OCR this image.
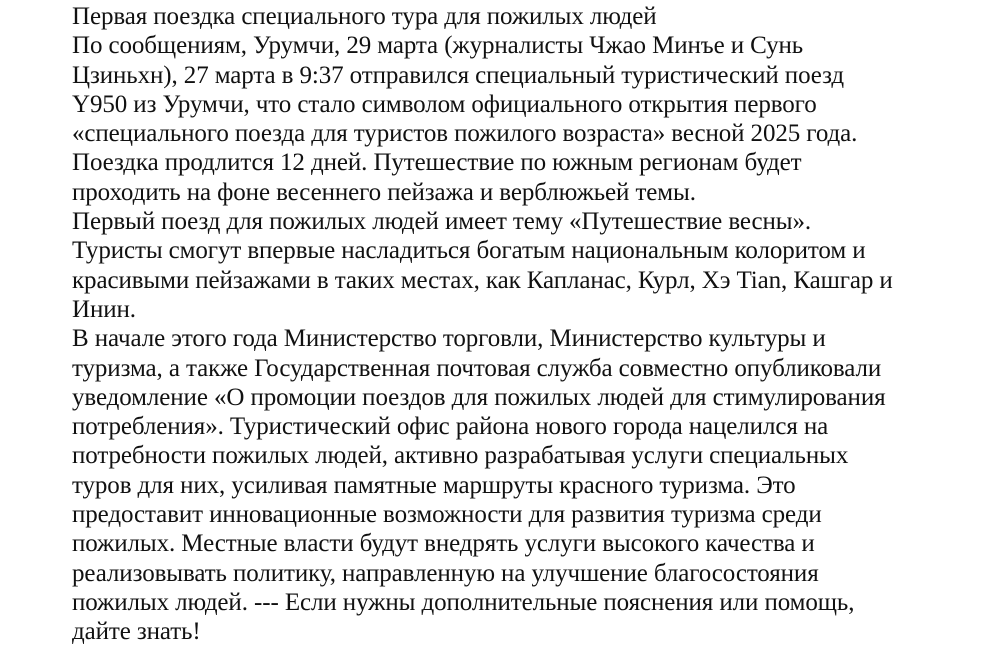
Первая поездка специального тура для пожилых людей
По сообщениям, Урумчи, 29 марта (журналисты Чжао Минъе и Сунь
Цзиньхн), 27 марта в 9:37 отправился специальный туристический поезд
Y950 из Урумчи, что стало символом официального открытия первого
«специального поезда для туристов пожилого возраста» весной 2025 года.
Поездка продлится 12 дней. Путешествие по южным регионам будет
проходить на фоне весеннего пейзажа и верблюжьей темы.
Первый поезд для пожилых людей имеет тему «Путешествие весны».
Туристы смогут впервые насладиться богатым национальным колоритом и
красивыми пейзажами в таких местах, как Капланас, Курл, Хэ Tian, Кашгар и
Инин.
В начале этого года Министерство торговли, Министерство культуры и
туризма, а также Государственная почтовая служба совместно опубликовали
уведомление «О промоции поездов для пожилых людей для стимулирования
потребления». Туристический офис района нового города нацелился на
потребности пожилых людей, активно разрабатывая услуги специальных
туров для них, усиливая памятные маршруты красного туризма. Это
предоставит инновационные возможности для развития туризма среди
пожилых. Местные власти будут внедрять услуги высокого качества и
реализовывать политику, направленную на улучшение благосостояния
пожилых людей. --- Если нужны дополнительные пояснения или помощь,
дайте знать!
